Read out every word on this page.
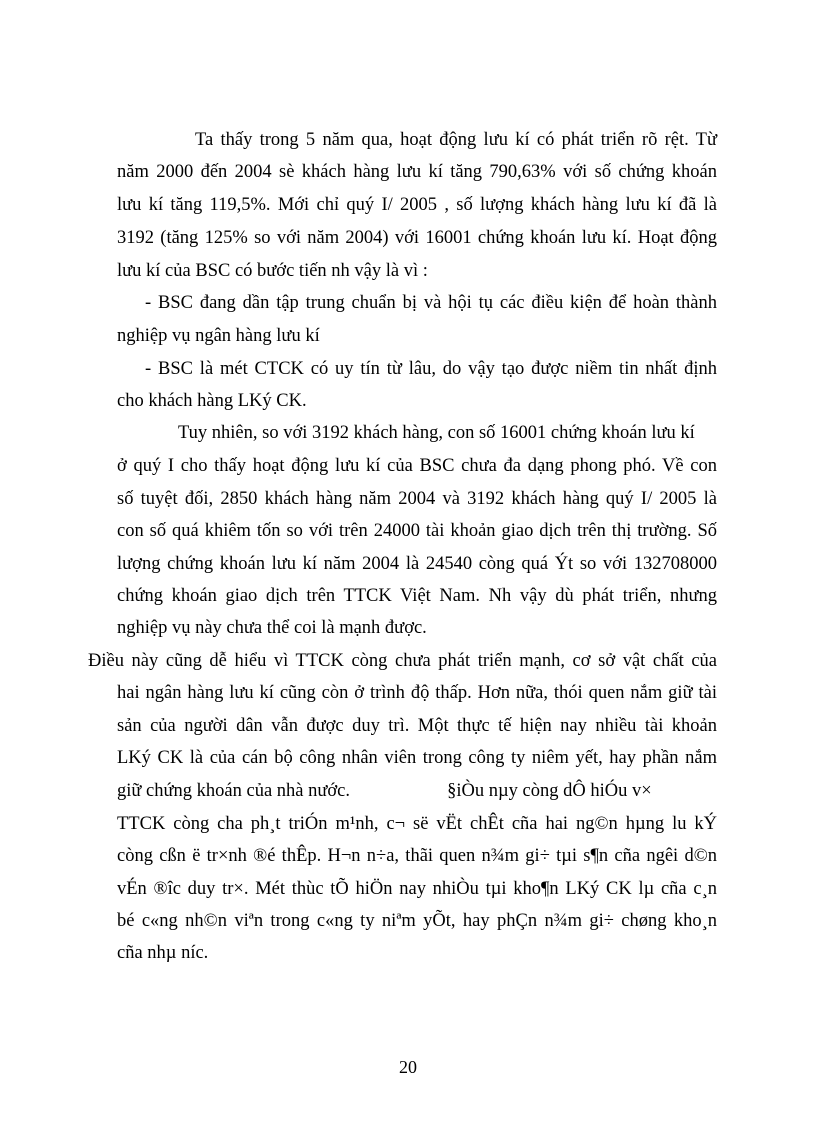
Ta thấy trong 5 năm qua, hoạt động lưu kí có phát triển rõ rệt. Từ
năm 2000 đến 2004 sè khách hàng lưu kí tăng 790,63% với số chứng khoán
lưu kí tăng 119,5%. Mới chỉ quý I/ 2005 , số lượng khách hàng lưu kí đã là
3192 (tăng 125% so với năm 2004) với 16001 chứng khoán lưu kí. Hoạt động
lưu kí của BSC có bước tiến nh vậy là vì :
- BSC đang dần tập trung chuẩn bị và hội tụ các điều kiện để hoàn thành
nghiệp vụ ngân hàng lưu kí
- BSC là mét CTCK có uy tín từ lâu, do vậy tạo được niềm tin nhất định
cho khách hàng LKý CK.
Tuy nhiên, so với 3192 khách hàng, con số 16001 chứng khoán lưu kí
ở quý I cho thấy hoạt động lưu kí của BSC chưa đa dạng phong phó. Về con
số tuyệt đối, 2850 khách hàng năm 2004 và 3192 khách hàng quý I/ 2005 là
con số quá khiêm tốn so với trên 24000 tài khoản giao dịch trên thị trường. Số
lượng chứng khoán lưu kí năm 2004 là 24540 còng quá Ýt so với 132708000
chứng khoán giao dịch trên TTCK Việt Nam. Nh vậy dù phát triển, nhưng
nghiệp vụ này chưa thể coi là mạnh được.
Điều này cũng dễ hiểu vì TTCK còng chưa phát triển mạnh, cơ sở vật chất của
hai ngân hàng lưu kí cũng còn ở trình độ thấp. Hơn nữa, thói quen nắm giữ tài
sản của người dân vẫn được duy trì. Một thực tế hiện nay nhiều tài khoản
LKý CK là của cán bộ công nhân viên trong công ty niêm yết, hay phần nắm
giữ chứng khoán của nhà nước.                     §iÒu nµy còng dÔ hiÓu v×
TTCK còng cha ph¸t triÓn m¹nh, c¬ së vËt chÊt cña hai ng©n hµng lu kÝ
còng cßn ë tr×nh ®é thÊp. H¬n n÷a, thãi quen n¾m gi÷ tµi s¶n cña ngêi d©n
vÉn ®îc duy tr×. Mét thùc tÕ hiÖn nay nhiÒu tµi kho¶n LKý CK lµ cña c¸n
bé c«ng nh©n viªn trong c«ng ty niªm yÕt, hay phÇn n¾m gi÷ chøng kho¸n
cña nhµ níc.
20
